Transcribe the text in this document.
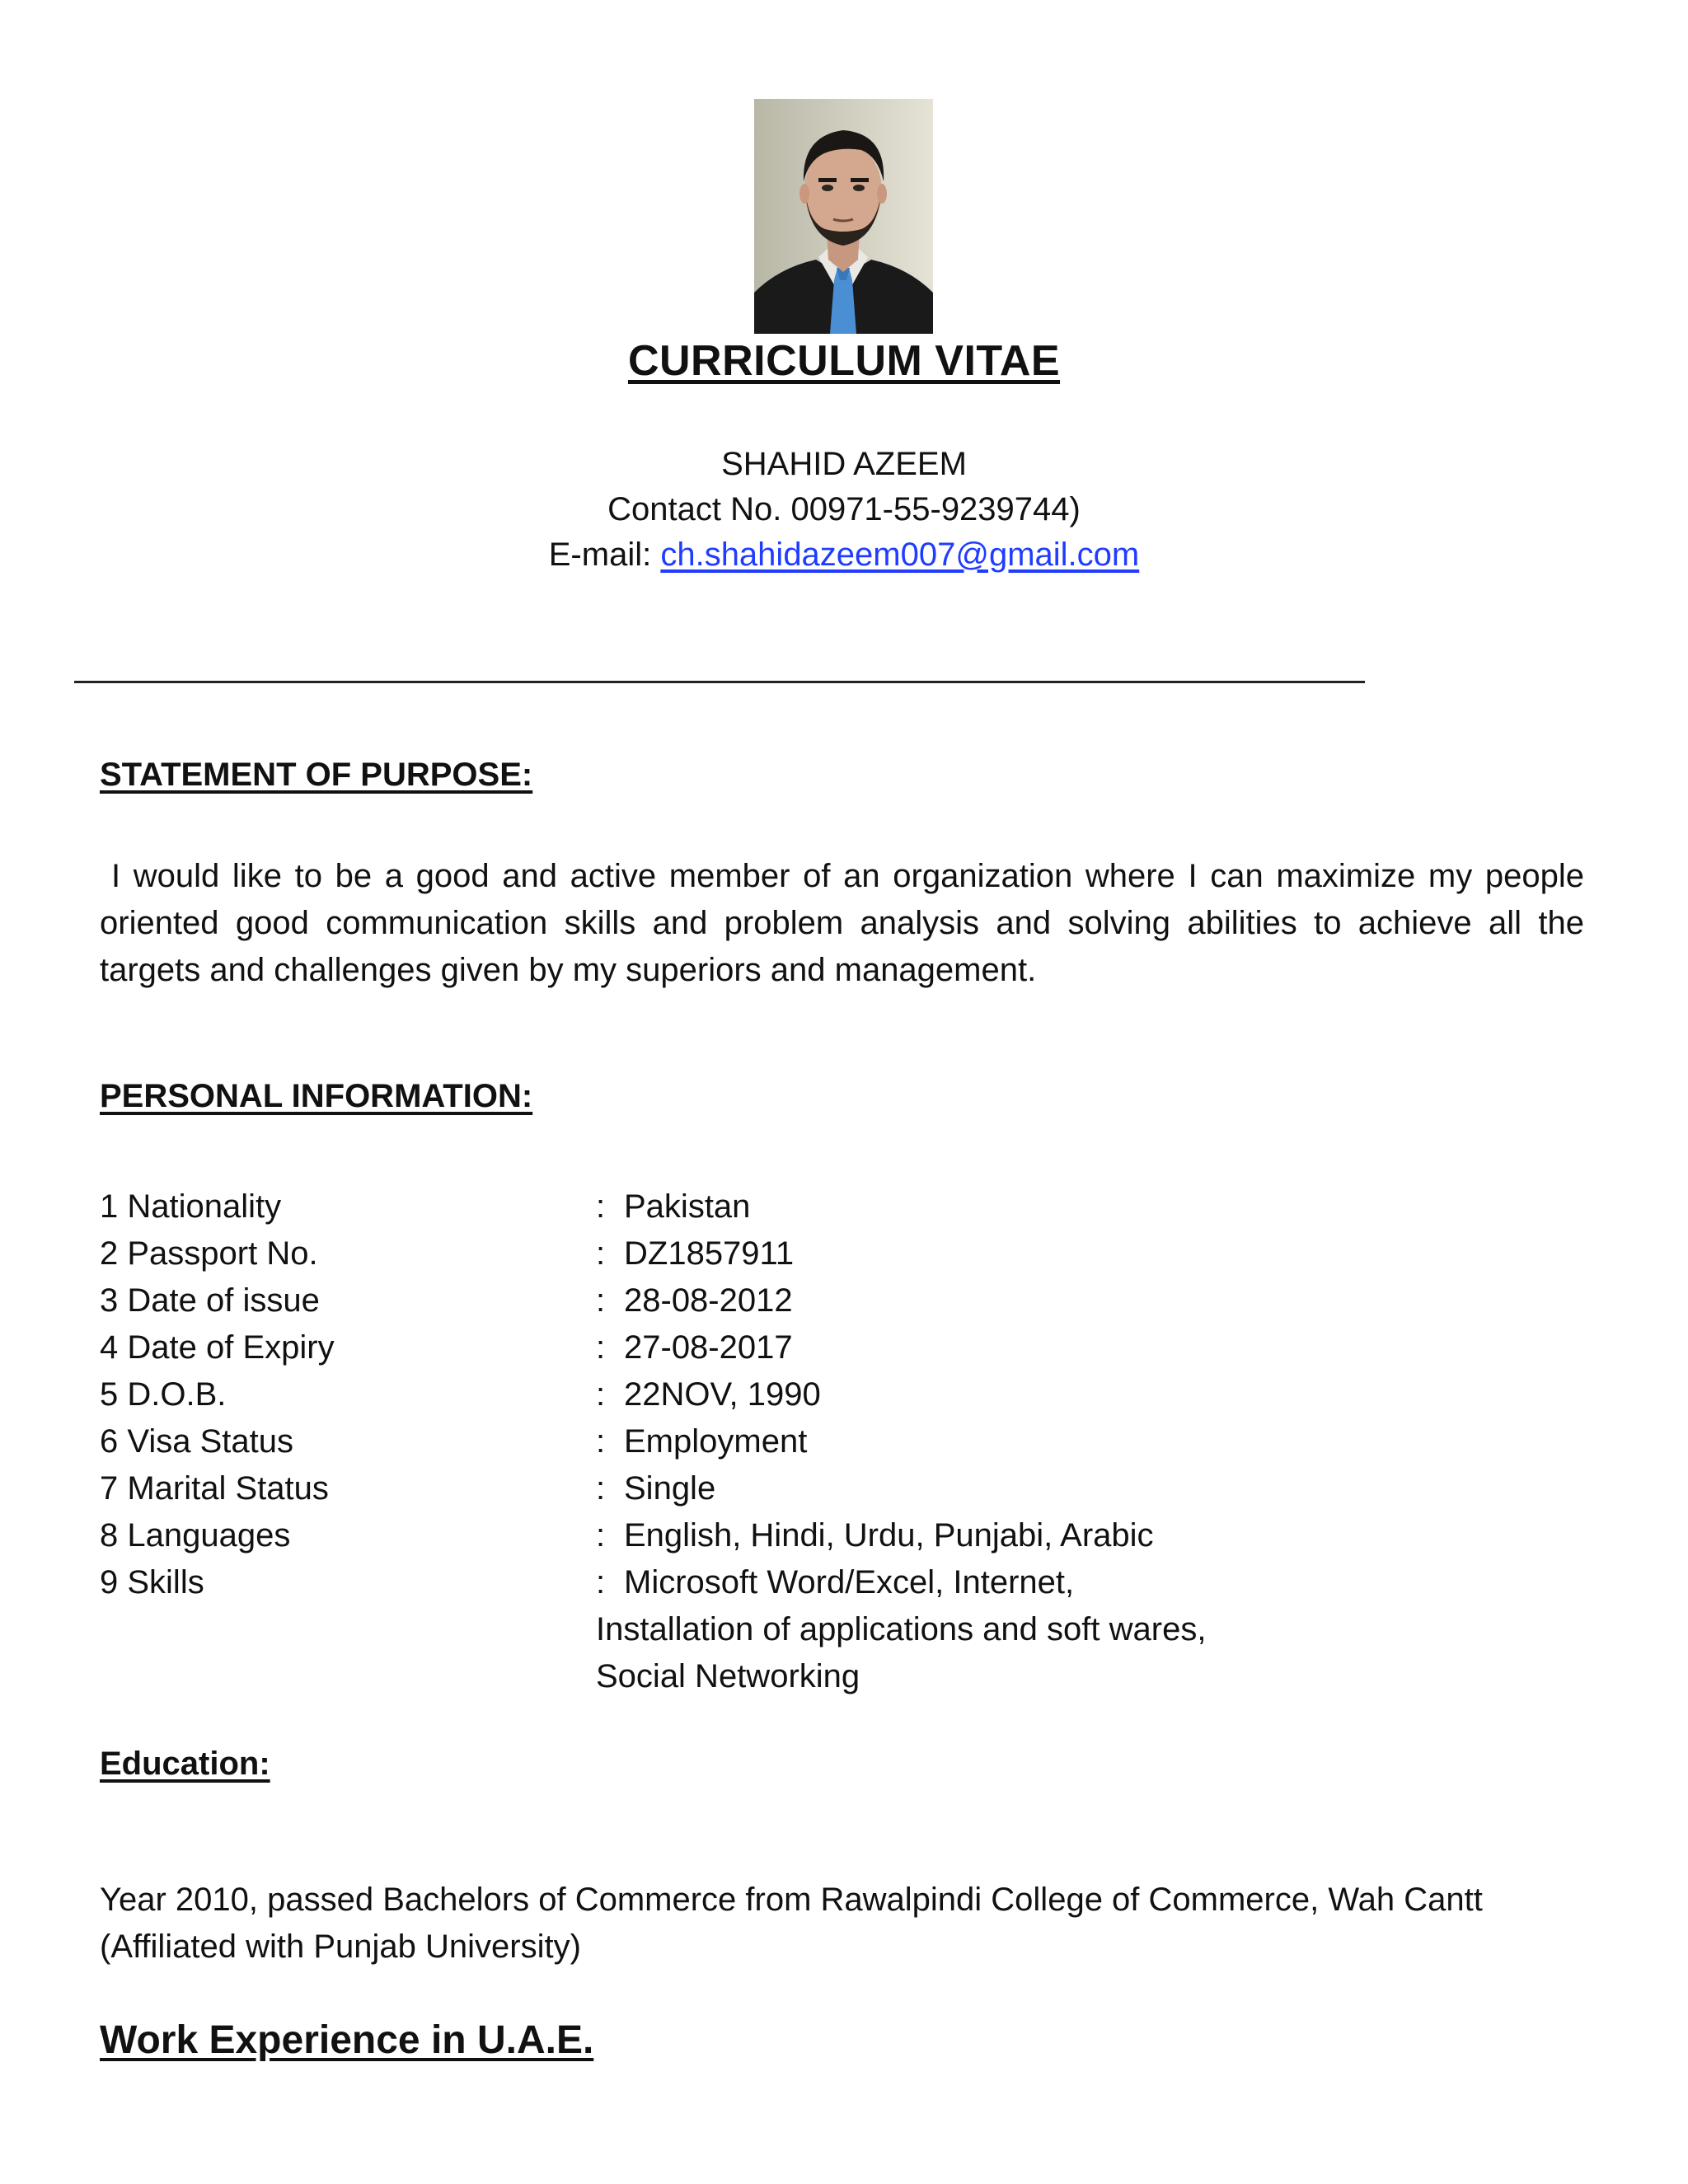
CURRICULUM VITAE
SHAHID AZEEM
Contact No. 00971-55-9239744)
E-mail: ch.shahidazeem007@gmail.com
STATEMENT OF PURPOSE:
I would like to be a good and active member of an organization where I can maximize my people oriented good communication skills and problem analysis and solving abilities to achieve all the targets and challenges given by my superiors and management.
PERSONAL INFORMATION:
1 Nationality	: Pakistan
2 Passport No.	: DZ1857911
3 Date of issue	: 28-08-2012
4 Date of Expiry	: 27-08-2017
5 D.O.B.	: 22NOV, 1990
6 Visa Status	: Employment
7 Marital Status	: Single
8 Languages	: English, Hindi, Urdu, Punjabi, Arabic
9 Skills	: Microsoft Word/Excel, Internet,
Installation of applications and soft wares,
Social Networking
Education:
Year 2010, passed Bachelors of Commerce from Rawalpindi College of Commerce, Wah Cantt
(Affiliated with Punjab University)
Work Experience in U.A.E.
